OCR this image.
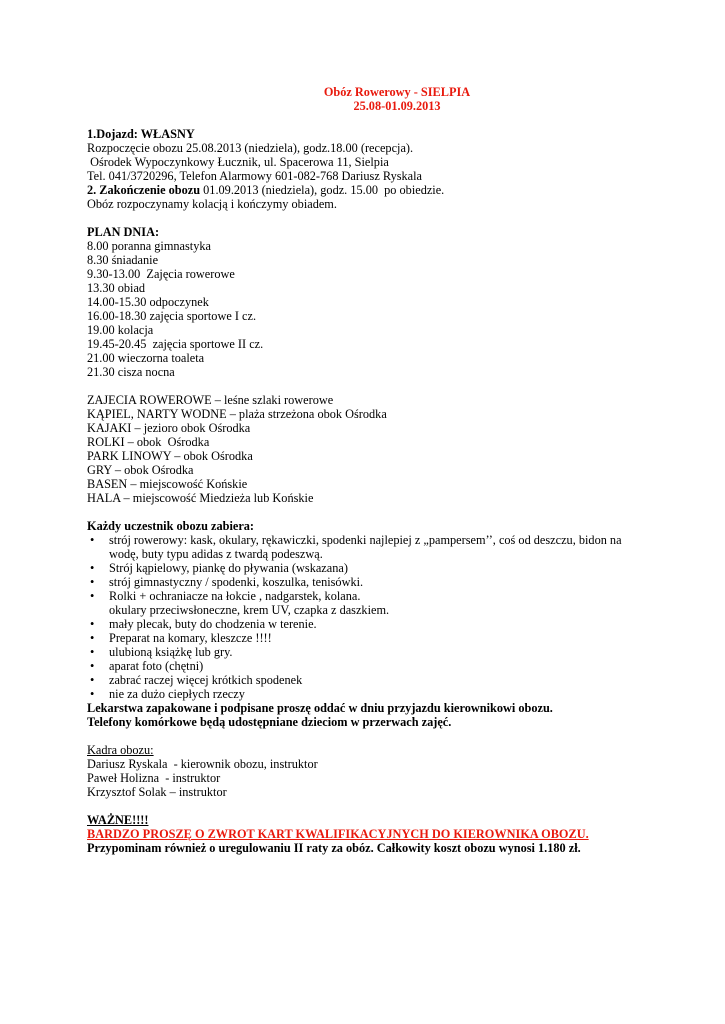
Obóz Rowerowy - SIELPIA
25.08-01.09.2013
1.Dojazd: WŁASNY
Rozpoczęcie obozu 25.08.2013 (niedziela), godz.18.00 (recepcja).
Ośrodek Wypoczynkowy Łucznik, ul. Spacerowa 11, Sielpia
Tel. 041/3720296, Telefon Alarmowy 601-082-768 Dariusz Ryskala
2. Zakończenie obozu 01.09.2013 (niedziela), godz. 15.00  po obiedzie.
Obóz rozpoczynamy kolacją i kończymy obiadem.
PLAN DNIA:
8.00 poranna gimnastyka
8.30 śniadanie
9.30-13.00  Zajęcia rowerowe
13.30 obiad
14.00-15.30 odpoczynek
16.00-18.30 zajęcia sportowe I cz.
19.00 kolacja
19.45-20.45  zajęcia sportowe II cz.
21.00 wieczorna toaleta
21.30 cisza nocna
ZAJECIA ROWEROWE – leśne szlaki rowerowe
KĄPIEL, NARTY WODNE – plaża strzeżona obok Ośrodka
KAJAKI – jezioro obok Ośrodka
ROLKI – obok  Ośrodka
PARK LINOWY – obok Ośrodka
GRY – obok Ośrodka
BASEN – miejscowość Końskie
HALA – miejscowość Miedzieża lub Końskie
Każdy uczestnik obozu zabiera:
• strój rowerowy: kask, okulary, rękawiczki, spodenki najlepiej z „pampersem’’, coś od deszczu, bidon na
wodę, buty typu adidas z twardą podeszwą.
• Strój kąpielowy, piankę do pływania (wskazana)
• strój gimnastyczny / spodenki, koszulka, tenisówki.
• Rolki + ochraniacze na łokcie , nadgarstek, kolana.
okulary przeciwsłoneczne, krem UV, czapka z daszkiem.
• mały plecak, buty do chodzenia w terenie.
• Preparat na komary, kleszcze !!!!
• ulubioną książkę lub gry.
• aparat foto (chętni)
• zabrać raczej więcej krótkich spodenek
• nie za dużo ciepłych rzeczy
Lekarstwa zapakowane i podpisane proszę oddać w dniu przyjazdu kierownikowi obozu.
Telefony komórkowe będą udostępniane dzieciom w przerwach zajęć.
Kadra obozu:
Dariusz Ryskala  - kierownik obozu, instruktor
Paweł Holizna  - instruktor
Krzysztof Solak – instruktor
WAŻNE!!!!
BARDZO PROSZĘ O ZWROT KART KWALIFIKACYJNYCH DO KIEROWNIKA OBOZU.
Przypominam również o uregulowaniu II raty za obóz. Całkowity koszt obozu wynosi 1.180 zł.
